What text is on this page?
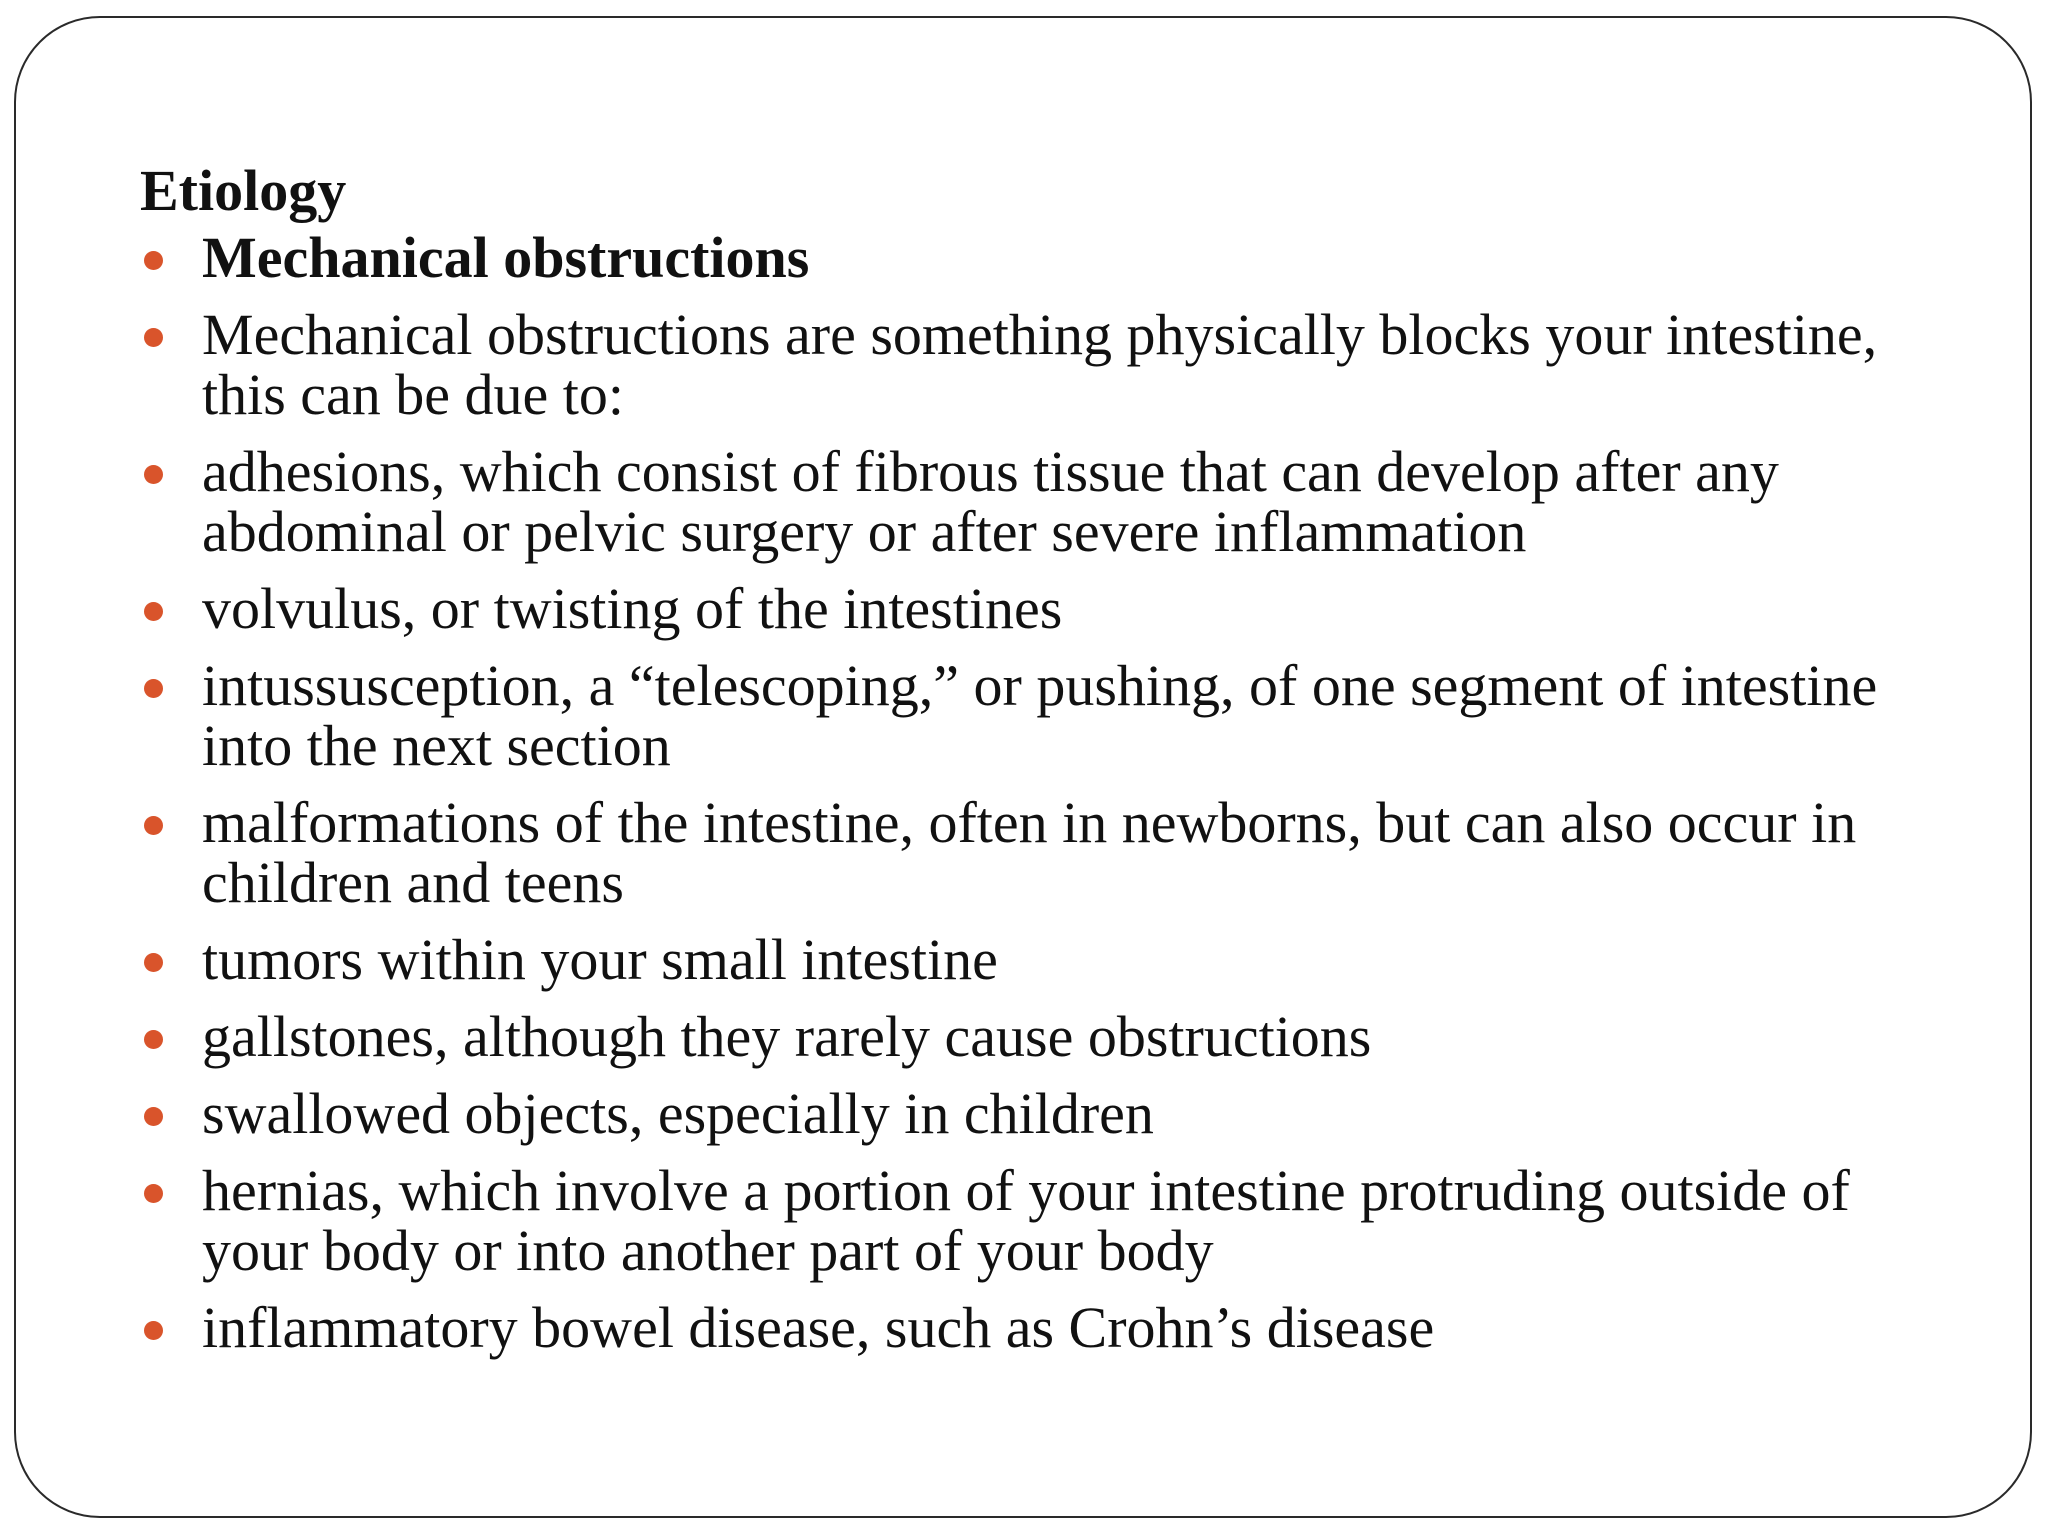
Etiology
Mechanical obstructions
Mechanical obstructions are something physically blocks your intestine, this can be due to:
adhesions, which consist of fibrous tissue that can develop after any abdominal or pelvic surgery or after severe inflammation
volvulus, or twisting of the intestines
intussusception, a “telescoping,” or pushing, of one segment of intestine into the next section
malformations of the intestine, often in newborns, but can also occur in children and teens
tumors within your small intestine
gallstones, although they rarely cause obstructions
swallowed objects, especially in children
hernias, which involve a portion of your intestine protruding outside of your body or into another part of your body
inflammatory bowel disease, such as Crohn’s disease
